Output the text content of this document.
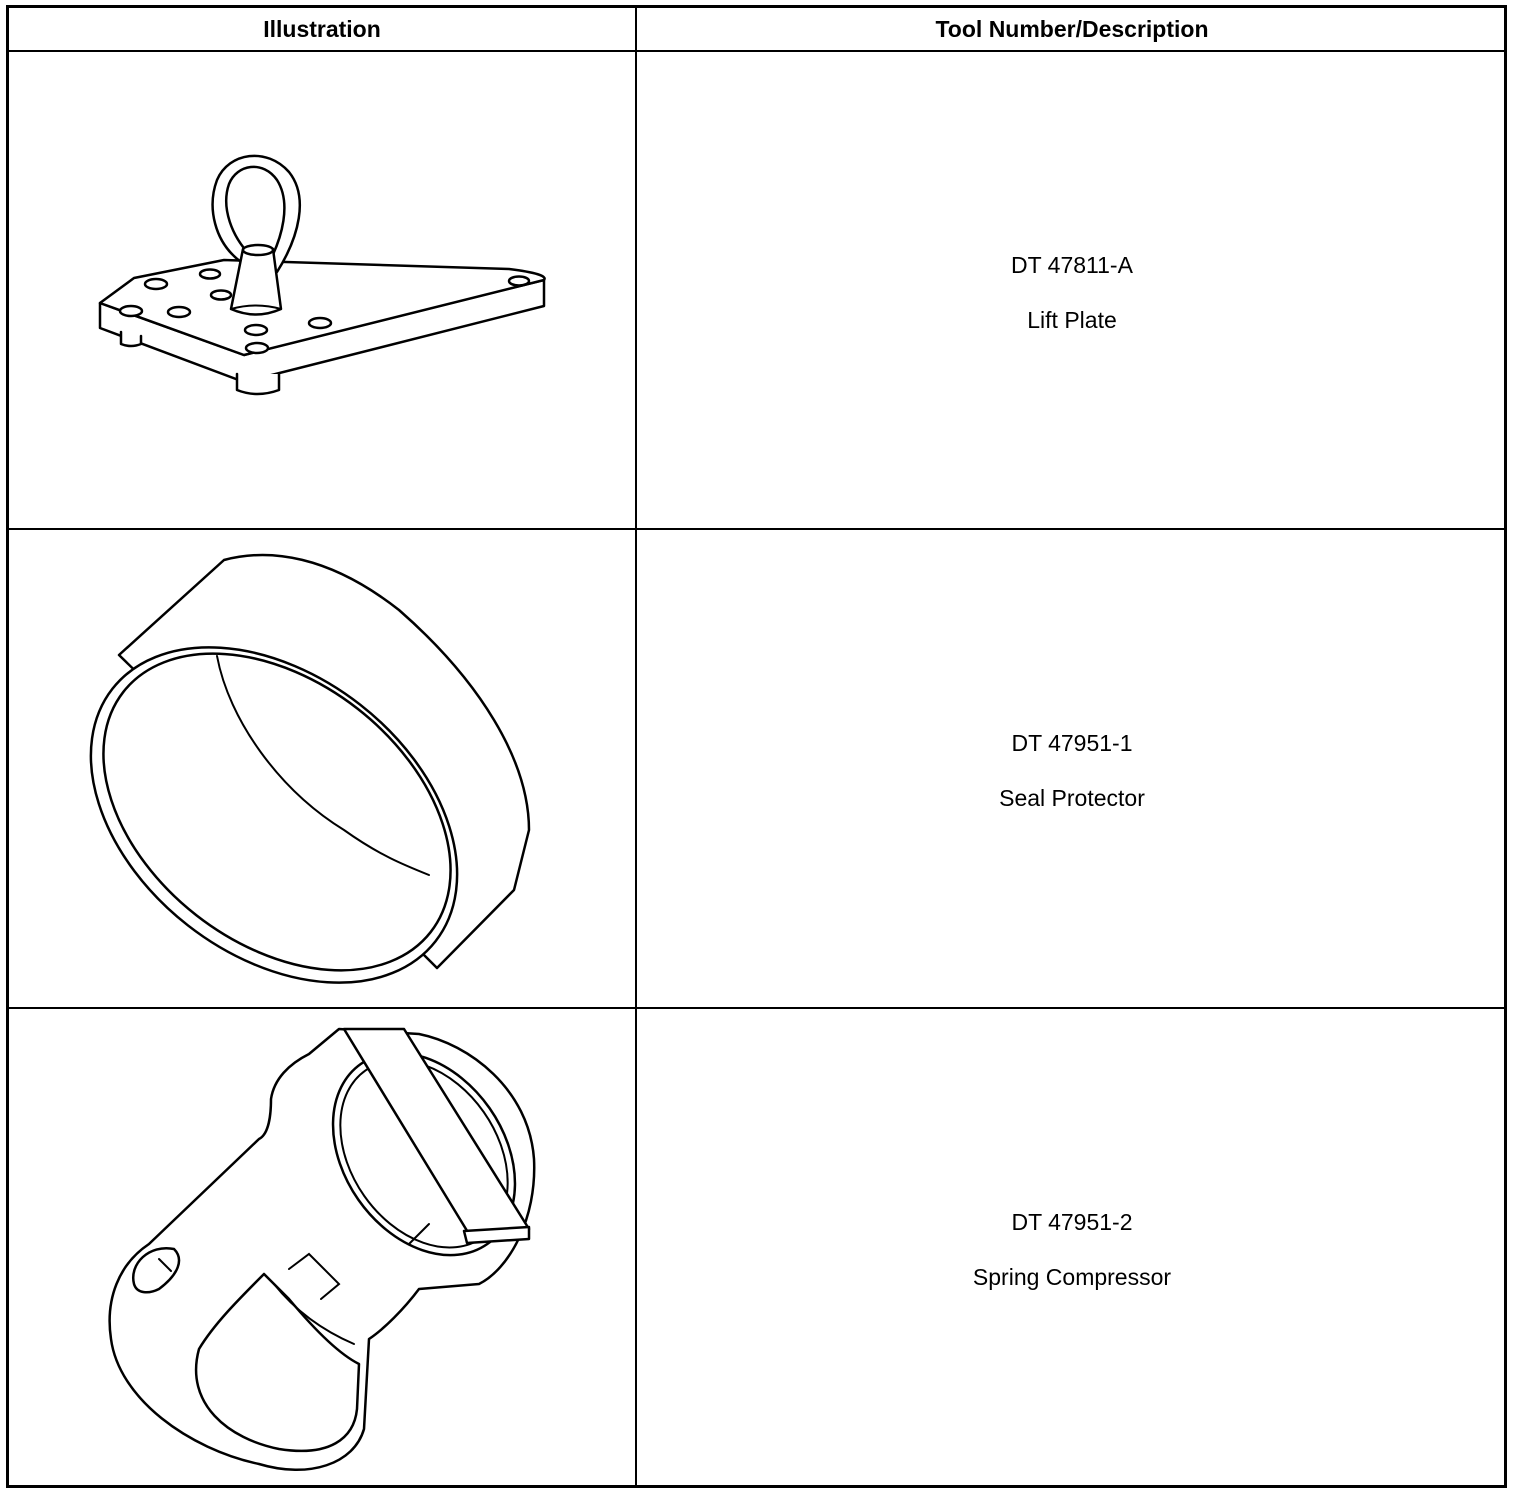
Illustration	Tool Number/Description
DT 47811-A
Lift Plate
DT 47951-1
Seal Protector
DT 47951-2
Spring Compressor
